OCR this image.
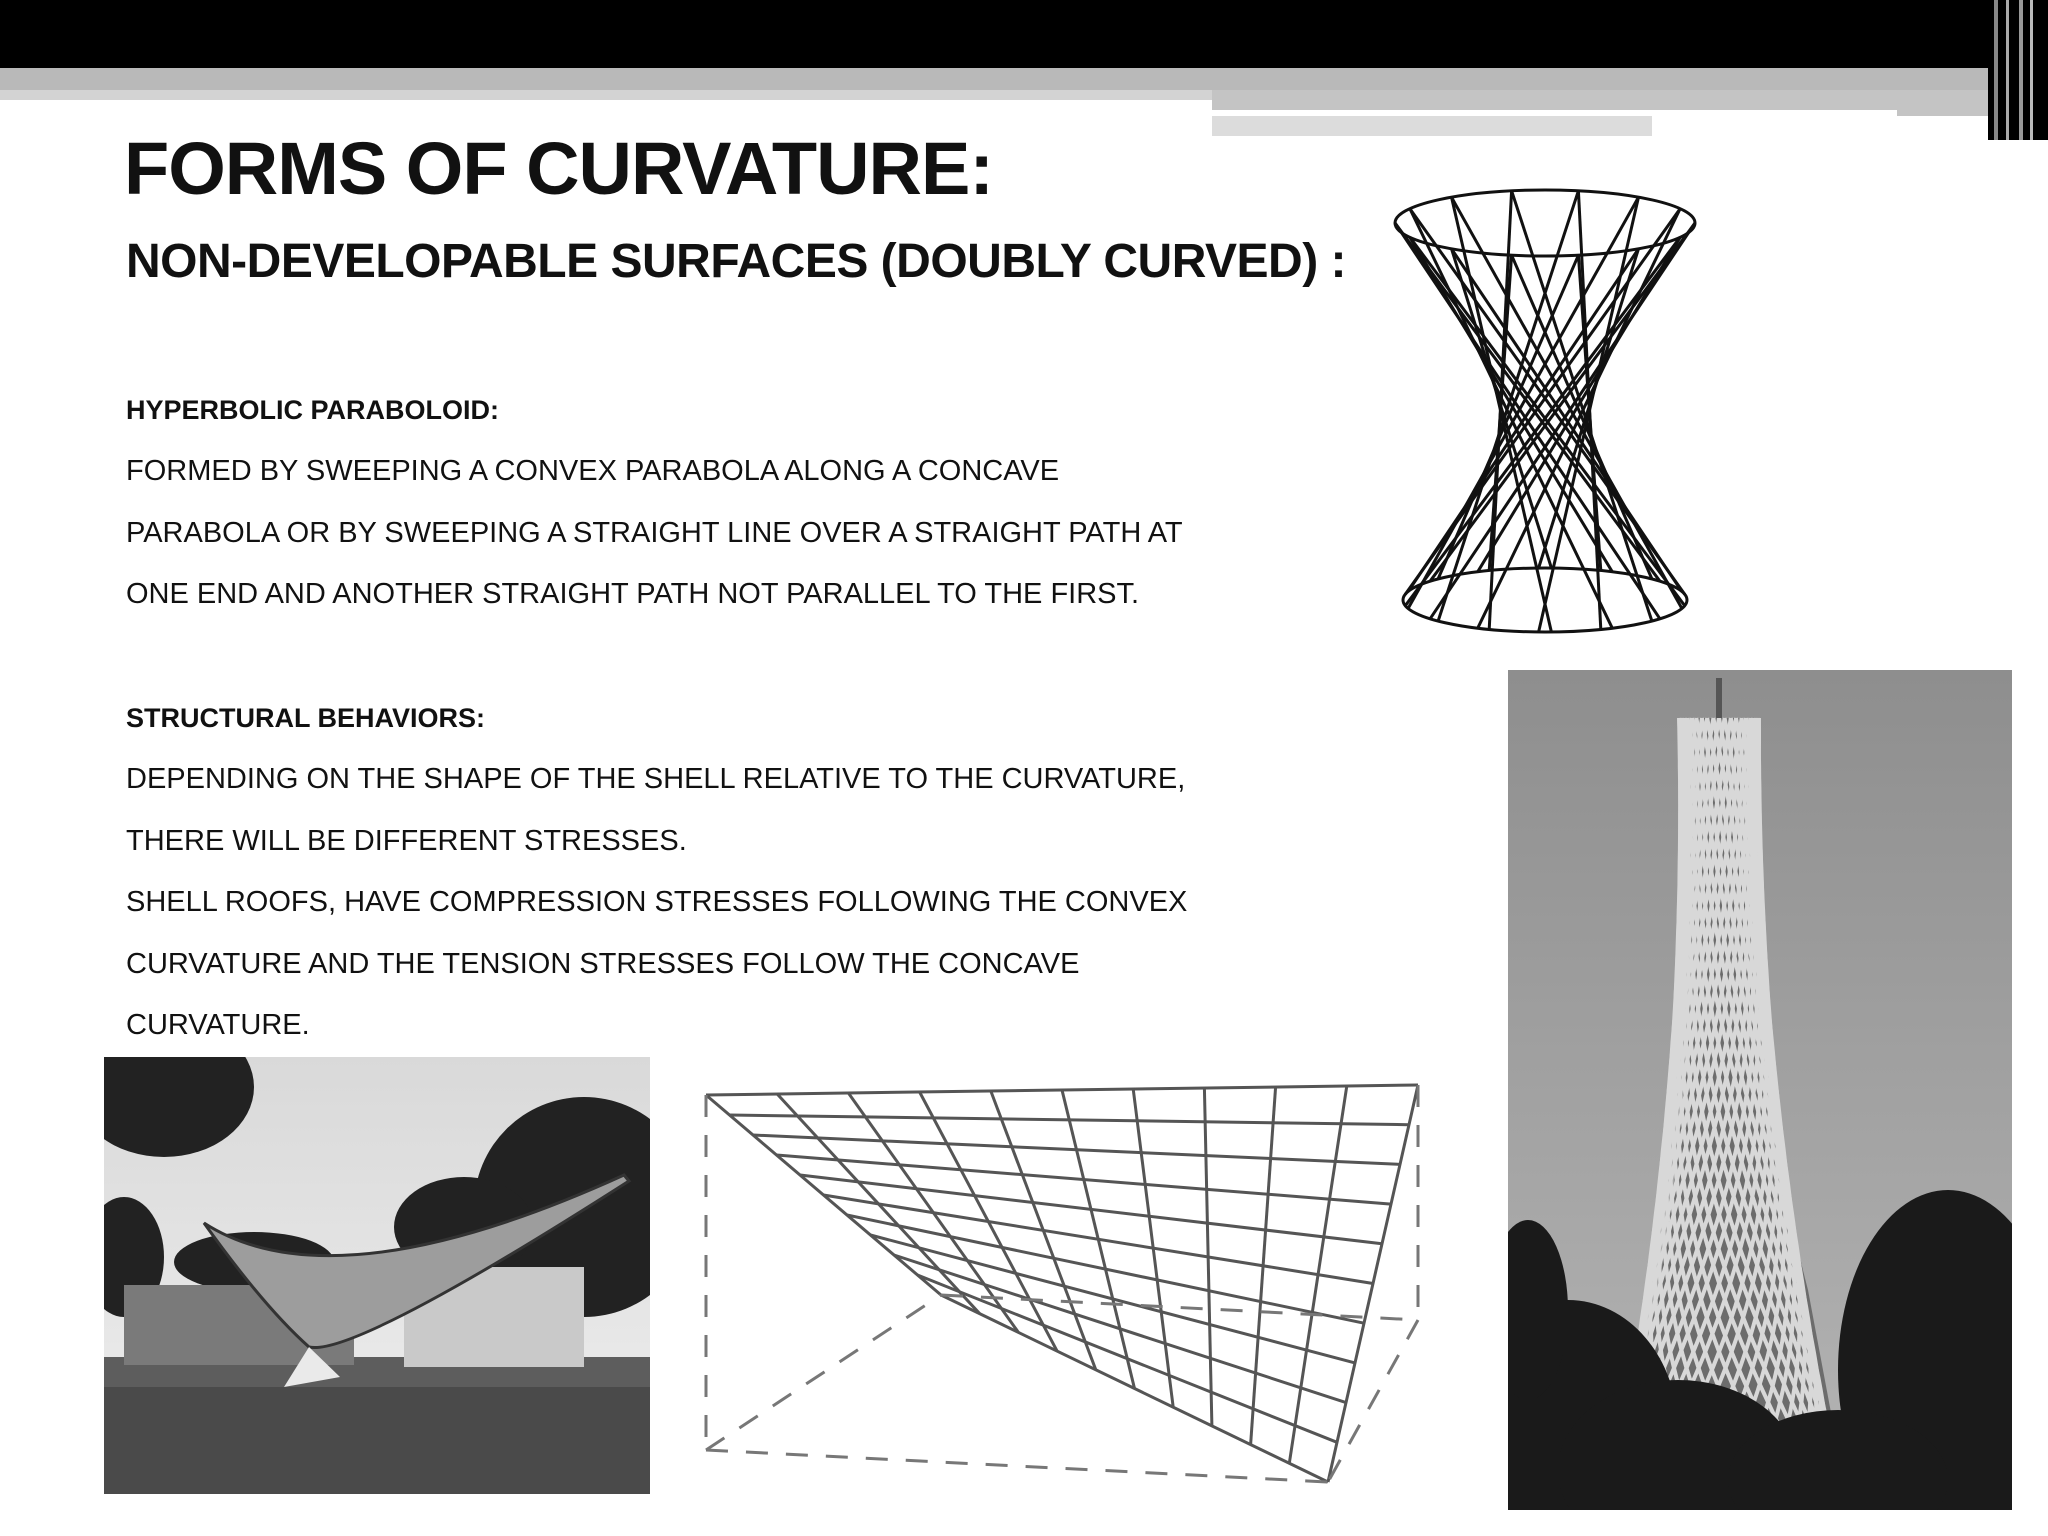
FORMS OF CURVATURE:
NON-DEVELOPABLE SURFACES (DOUBLY CURVED) :
HYPERBOLIC PARABOLOID:
FORMED BY SWEEPING A CONVEX PARABOLA ALONG A CONCAVE
PARABOLA OR BY SWEEPING A STRAIGHT LINE OVER A STRAIGHT PATH AT
ONE END AND ANOTHER STRAIGHT PATH NOT PARALLEL TO THE FIRST.
STRUCTURAL BEHAVIORS:
DEPENDING ON THE SHAPE OF THE SHELL RELATIVE TO THE CURVATURE,
THERE WILL BE DIFFERENT STRESSES.
SHELL ROOFS, HAVE COMPRESSION STRESSES FOLLOWING THE CONVEX
CURVATURE AND THE TENSION STRESSES FOLLOW THE CONCAVE
CURVATURE.
